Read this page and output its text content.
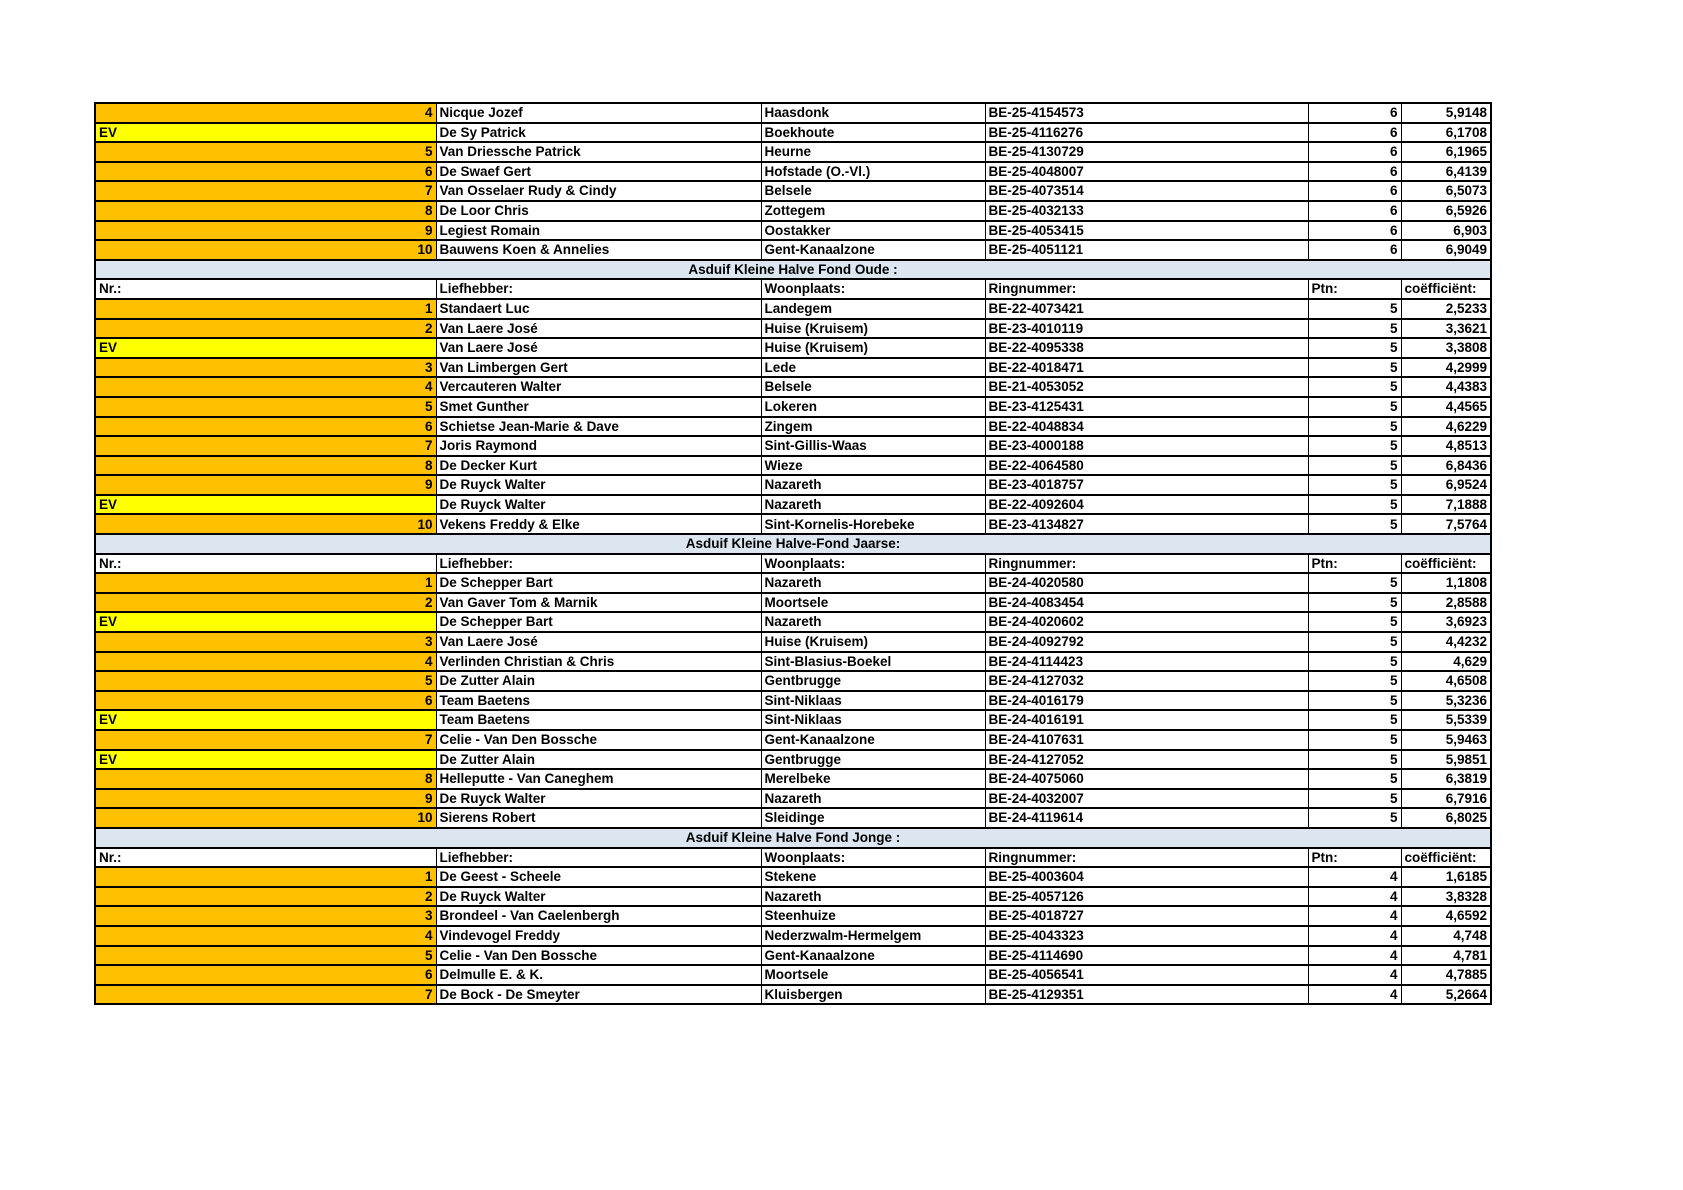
4	Nicque Jozef	Haasdonk	BE-25-4154573	6	5,9148
EV	De Sy Patrick	Boekhoute	BE-25-4116276	6	6,1708
5	Van Driessche Patrick	Heurne	BE-25-4130729	6	6,1965
6	De Swaef Gert	Hofstade (O.-Vl.)	BE-25-4048007	6	6,4139
7	Van Osselaer Rudy & Cindy	Belsele	BE-25-4073514	6	6,5073
8	De Loor Chris	Zottegem	BE-25-4032133	6	6,5926
9	Legiest Romain	Oostakker	BE-25-4053415	6	6,903
10	Bauwens Koen & Annelies	Gent-Kanaalzone	BE-25-4051121	6	6,9049
Asduif Kleine Halve Fond Oude :					
Nr.:	Liefhebber:	Woonplaats:	Ringnummer:	Ptn:	coëfficiënt:
1	Standaert Luc	Landegem	BE-22-4073421	5	2,5233
2	Van Laere José	Huise (Kruisem)	BE-23-4010119	5	3,3621
EV	Van Laere José	Huise (Kruisem)	BE-22-4095338	5	3,3808
3	Van Limbergen Gert	Lede	BE-22-4018471	5	4,2999
4	Vercauteren Walter	Belsele	BE-21-4053052	5	4,4383
5	Smet Gunther	Lokeren	BE-23-4125431	5	4,4565
6	Schietse Jean-Marie & Dave	Zingem	BE-22-4048834	5	4,6229
7	Joris Raymond	Sint-Gillis-Waas	BE-23-4000188	5	4,8513
8	De Decker Kurt	Wieze	BE-22-4064580	5	6,8436
9	De Ruyck Walter	Nazareth	BE-23-4018757	5	6,9524
EV	De Ruyck Walter	Nazareth	BE-22-4092604	5	7,1888
10	Vekens Freddy & Elke	Sint-Kornelis-Horebeke	BE-23-4134827	5	7,5764
Asduif Kleine Halve-Fond Jaarse:					
Nr.:	Liefhebber:	Woonplaats:	Ringnummer:	Ptn:	coëfficiënt:
1	De Schepper Bart	Nazareth	BE-24-4020580	5	1,1808
2	Van Gaver Tom & Marnik	Moortsele	BE-24-4083454	5	2,8588
EV	De Schepper Bart	Nazareth	BE-24-4020602	5	3,6923
3	Van Laere José	Huise (Kruisem)	BE-24-4092792	5	4,4232
4	Verlinden Christian & Chris	Sint-Blasius-Boekel	BE-24-4114423	5	4,629
5	De Zutter Alain	Gentbrugge	BE-24-4127032	5	4,6508
6	Team Baetens	Sint-Niklaas	BE-24-4016179	5	5,3236
EV	Team Baetens	Sint-Niklaas	BE-24-4016191	5	5,5339
7	Celie - Van Den Bossche	Gent-Kanaalzone	BE-24-4107631	5	5,9463
EV	De Zutter Alain	Gentbrugge	BE-24-4127052	5	5,9851
8	Helleputte - Van Caneghem	Merelbeke	BE-24-4075060	5	6,3819
9	De Ruyck Walter	Nazareth	BE-24-4032007	5	6,7916
10	Sierens Robert	Sleidinge	BE-24-4119614	5	6,8025
Asduif Kleine Halve Fond Jonge :					
Nr.:	Liefhebber:	Woonplaats:	Ringnummer:	Ptn:	coëfficiënt:
1	De Geest - Scheele	Stekene	BE-25-4003604	4	1,6185
2	De Ruyck Walter	Nazareth	BE-25-4057126	4	3,8328
3	Brondeel - Van Caelenbergh	Steenhuize	BE-25-4018727	4	4,6592
4	Vindevogel Freddy	Nederzwalm-Hermelgem	BE-25-4043323	4	4,748
5	Celie - Van Den Bossche	Gent-Kanaalzone	BE-25-4114690	4	4,781
6	Delmulle E. & K.	Moortsele	BE-25-4056541	4	4,7885
7	De Bock - De Smeyter	Kluisbergen	BE-25-4129351	4	5,2664
